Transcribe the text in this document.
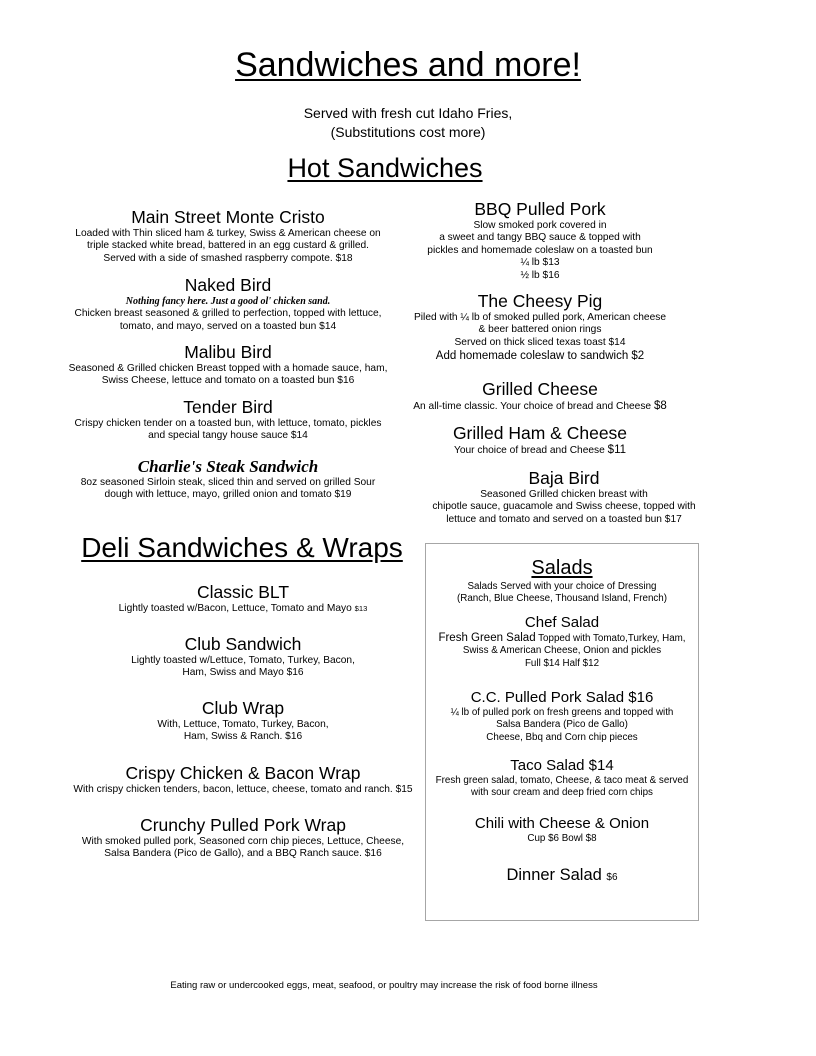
Sandwiches and more!
Served with fresh cut Idaho Fries,
(Substitutions cost more)
Hot Sandwiches
Main Street Monte Cristo
Loaded with Thin sliced ham & turkey, Swiss & American cheese on
triple stacked white bread, battered in an egg custard & grilled.
Served with a side of smashed raspberry compote. $18
Naked Bird
Nothing fancy here. Just a good ol' chicken sand.
Chicken breast seasoned & grilled to perfection, topped with lettuce,
tomato, and mayo, served on a toasted bun $14
Malibu Bird
Seasoned & Grilled chicken Breast topped with a homade sauce, ham,
Swiss Cheese, lettuce and tomato on a toasted bun $16
Tender Bird
Crispy chicken tender on a toasted bun, with lettuce, tomato, pickles
and special tangy house sauce $14
Charlie's Steak Sandwich
8oz seasoned Sirloin steak, sliced thin and served on grilled Sour
dough with lettuce, mayo, grilled onion and tomato $19
BBQ Pulled Pork
Slow smoked pork covered in
a sweet and tangy BBQ sauce & topped with
pickles and homemade coleslaw on a toasted bun
¼ lb $13
½ lb $16
The Cheesy Pig
Piled with ¼ lb of smoked pulled pork, American cheese
& beer battered onion rings
Served on thick sliced texas toast $14
Add homemade coleslaw to sandwich $2
Grilled Cheese
An all-time classic. Your choice of bread and Cheese $8
Grilled Ham & Cheese
Your choice of bread and Cheese $11
Baja Bird
Seasoned Grilled chicken breast with
chipotle sauce, guacamole and Swiss cheese, topped with
lettuce and tomato and served on a toasted bun $17
Deli Sandwiches & Wraps
Classic BLT
Lightly toasted w/Bacon, Lettuce, Tomato and Mayo $13
Club Sandwich
Lightly toasted w/Lettuce, Tomato, Turkey, Bacon,
Ham, Swiss and Mayo $16
Club Wrap
With, Lettuce, Tomato, Turkey, Bacon,
Ham, Swiss & Ranch. $16
Crispy Chicken & Bacon Wrap
With crispy chicken tenders, bacon, lettuce, cheese, tomato and ranch. $15
Crunchy Pulled Pork Wrap
With smoked pulled pork, Seasoned corn chip pieces, Lettuce, Cheese,
Salsa Bandera (Pico de Gallo), and a BBQ Ranch sauce. $16
Salads
Salads Served with your choice of Dressing
(Ranch, Blue Cheese, Thousand Island, French)
Chef Salad
Fresh Green Salad Topped with Tomato,Turkey, Ham,
Swiss & American Cheese, Onion and pickles
Full $14 Half $12
C.C. Pulled Pork Salad $16
¼ lb of pulled pork on fresh greens and topped with
Salsa Bandera (Pico de Gallo)
Cheese, Bbq and Corn chip pieces
Taco Salad $14
Fresh green salad, tomato, Cheese, & taco meat & served
with sour cream and deep fried corn chips
Chili with Cheese & Onion
Cup $6 Bowl $8
Dinner Salad $6
Eating raw or undercooked eggs, meat, seafood, or poultry may increase the risk of food borne illness
